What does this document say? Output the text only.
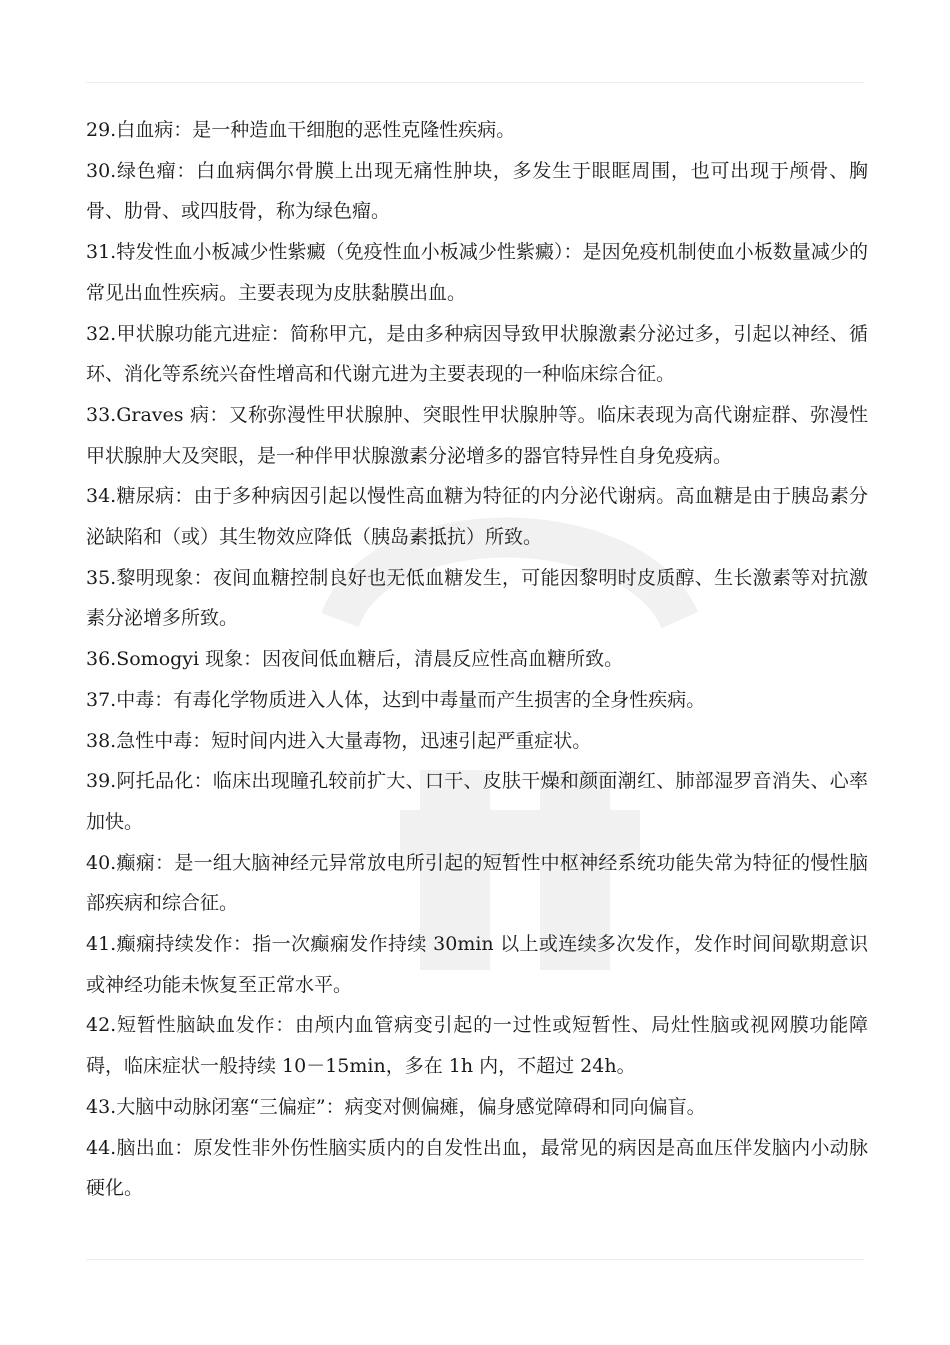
29.白血病：是一种造血干细胞的恶性克隆性疾病。

30.绿色瘤：白血病偶尔骨膜上出现无痛性肿块，多发生于眼眶周围，也可出现于颅骨、胸骨、肋骨、或四肢骨，称为绿色瘤。

31.特发性血小板减少性紫癜（免疫性血小板减少性紫癜）：是因免疫机制使血小板数量减少的常见出血性疾病。主要表现为皮肤黏膜出血。

32.甲状腺功能亢进症：简称甲亢，是由多种病因导致甲状腺激素分泌过多，引起以神经、循环、消化等系统兴奋性增高和代谢亢进为主要表现的一种临床综合征。

33.Graves 病：又称弥漫性甲状腺肿、突眼性甲状腺肿等。临床表现为高代谢症群、弥漫性甲状腺肿大及突眼，是一种伴甲状腺激素分泌增多的器官特异性自身免疫病。

34.糖尿病：由于多种病因引起以慢性高血糖为特征的内分泌代谢病。高血糖是由于胰岛素分泌缺陷和（或）其生物效应降低（胰岛素抵抗）所致。

35.黎明现象：夜间血糖控制良好也无低血糖发生，可能因黎明时皮质醇、生长激素等对抗激素分泌增多所致。

36.Somogyi 现象：因夜间低血糖后，清晨反应性高血糖所致。

37.中毒：有毒化学物质进入人体，达到中毒量而产生损害的全身性疾病。

38.急性中毒：短时间内进入大量毒物，迅速引起严重症状。

39.阿托品化：临床出现瞳孔较前扩大、口干、皮肤干燥和颜面潮红、肺部湿罗音消失、心率加快。

40.癫痫：是一组大脑神经元异常放电所引起的短暂性中枢神经系统功能失常为特征的慢性脑部疾病和综合征。

41.癫痫持续发作：指一次癫痫发作持续 30min 以上或连续多次发作，发作时间间歇期意识或神经功能未恢复至正常水平。

42.短暂性脑缺血发作：由颅内血管病变引起的一过性或短暂性、局灶性脑或视网膜功能障碍，临床症状一般持续 10－15min，多在 1h 内，不超过 24h。

43.大脑中动脉闭塞“三偏症”：病变对侧偏瘫，偏身感觉障碍和同向偏盲。

44.脑出血：原发性非外伤性脑实质内的自发性出血，最常见的病因是高血压伴发脑内小动脉硬化。
